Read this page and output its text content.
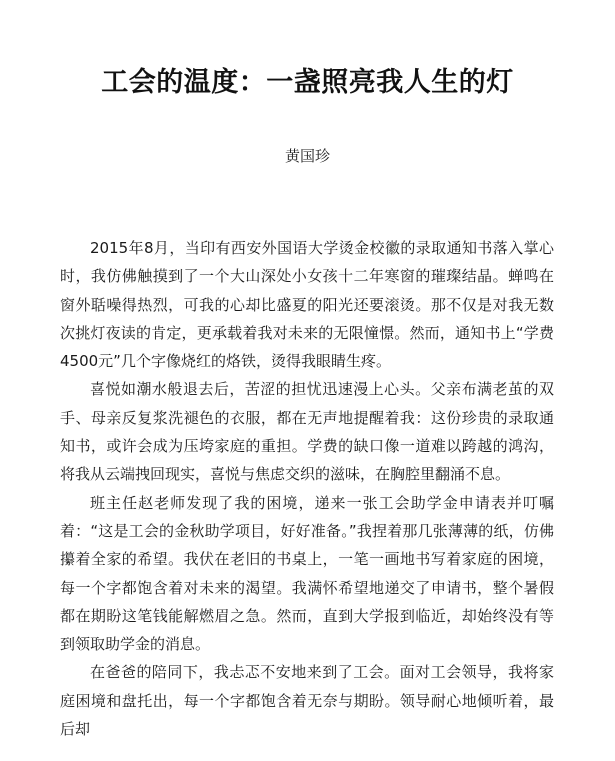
工会的温度：一盏照亮我人生的灯
黄国珍

2015年8月，当印有西安外国语大学烫金校徽的录取通知书落入掌心时，我仿佛触摸到了一个大山深处小女孩十二年寒窗的璀璨结晶。蝉鸣在窗外聒噪得热烈，可我的心却比盛夏的阳光还要滚烫。那不仅是对我无数次挑灯夜读的肯定，更承载着我对未来的无限憧憬。然而，通知书上“学费4500元”几个字像烧红的烙铁，烫得我眼睛生疼。

喜悦如潮水般退去后，苦涩的担忧迅速漫上心头。父亲布满老茧的双手、母亲反复浆洗褪色的衣服，都在无声地提醒着我：这份珍贵的录取通知书，或许会成为压垮家庭的重担。学费的缺口像一道难以跨越的鸿沟，将我从云端拽回现实，喜悦与焦虑交织的滋味，在胸腔里翻涌不息。

班主任赵老师发现了我的困境，递来一张工会助学金申请表并叮嘱着：“这是工会的金秋助学项目，好好准备。”我捏着那几张薄薄的纸，仿佛攥着全家的希望。我伏在老旧的书桌上，一笔一画地书写着家庭的困境，每一个字都饱含着对未来的渴望。我满怀希望地递交了申请书，整个暑假都在期盼这笔钱能解燃眉之急。然而，直到大学报到临近，却始终没有等到领取助学金的消息。

在爸爸的陪同下，我忐忑不安地来到了工会。面对工会领导，我将家庭困境和盘托出，每一个字都饱含着无奈与期盼。领导耐心地倾听着，最后却
